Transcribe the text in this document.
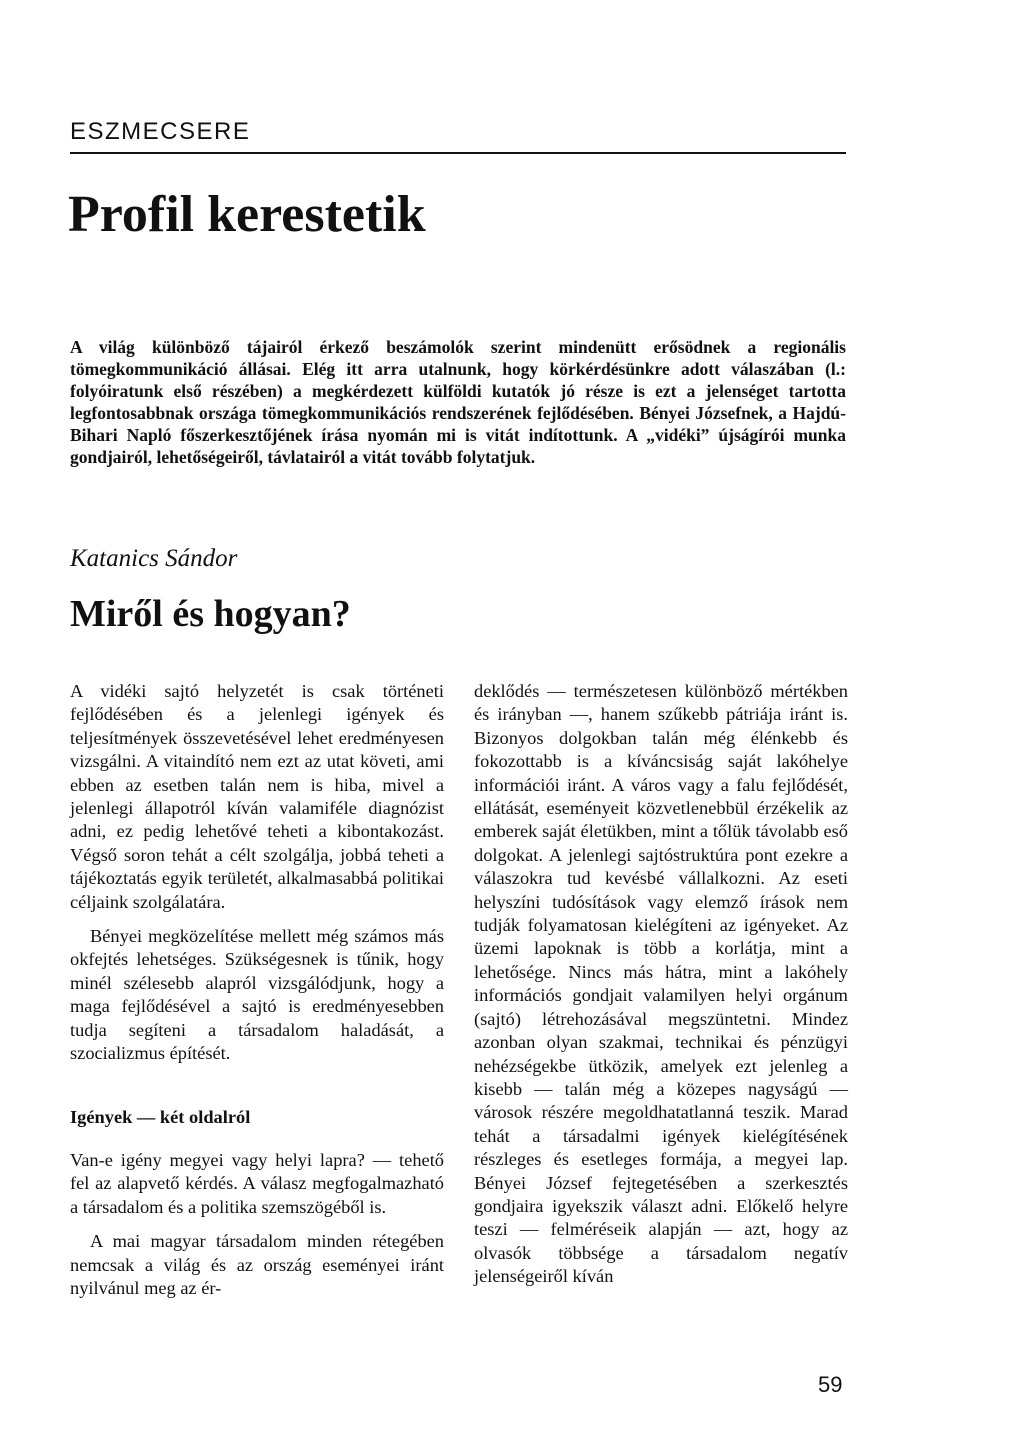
ESZMECSERE
Profil kerestetik

A világ különböző tájairól érkező beszámolók szerint mindenütt erősödnek a regionális tömegkommunikáció állásai. Elég itt arra utalnunk, hogy körkérdésünkre adott válaszában (l.: folyóiratunk első részében) a megkérdezett külföldi kutatók jó része is ezt a jelenséget tartotta legfontosabbnak országa tömegkommunikációs rendszerének fejlődésében. Bényei Józsefnek, a Hajdú-Bihari Napló főszerkesztőjének írása nyomán mi is vitát indítottunk. A „vidéki” újságírói munka gondjairól, lehetőségeiről, távlatairól a vitát tovább folytatjuk.

Katanics Sándor
Miről és hogyan?

A vidéki sajtó helyzetét is csak történeti fejlődésében és a jelenlegi igények és teljesítmények összevetésével lehet eredményesen vizsgálni. A vitaindító nem ezt az utat követi, ami ebben az esetben talán nem is hiba, mivel a jelenlegi állapotról kíván valamiféle diagnózist adni, ez pedig lehetővé teheti a kibontakozást. Végső soron tehát a célt szolgálja, jobbá teheti a tájékoztatás egyik területét, alkalmasabbá politikai céljaink szolgálatára.

Bényei megközelítése mellett még számos más okfejtés lehetséges. Szükségesnek is tűnik, hogy minél szélesebb alapról vizsgálódjunk, hogy a maga fejlődésével a sajtó is eredményesebben tudja segíteni a társadalom haladását, a szocializmus építését.

Igények — két oldalról

Van-e igény megyei vagy helyi lapra? — tehető fel az alapvető kérdés. A válasz megfogalmazható a társadalom és a politika szemszögéből is.

A mai magyar társadalom minden rétegében nemcsak a világ és az ország eseményei iránt nyilvánul meg az ér-

deklődés — természetesen különböző mértékben és irányban —, hanem szűkebb pátriája iránt is. Bizonyos dolgokban talán még élénkebb és fokozottabb is a kíváncsiság saját lakóhelye információi iránt. A város vagy a falu fejlődését, ellátását, eseményeit közvetlenebbül érzékelik az emberek saját életükben, mint a tőlük távolabb eső dolgokat. A jelenlegi sajtóstruktúra pont ezekre a válaszokra tud kevésbé vállalkozni. Az eseti helyszíni tudósítások vagy elemző írások nem tudják folyamatosan kielégíteni az igényeket. Az üzemi lapoknak is több a korlátja, mint a lehetősége. Nincs más hátra, mint a lakóhely információs gondjait valamilyen helyi orgánum (sajtó) létrehozásával megszüntetni. Mindez azonban olyan szakmai, technikai és pénzügyi nehézségekbe ütközik, amelyek ezt jelenleg a kisebb — talán még a közepes nagyságú — városok részére megoldhatatlanná teszik. Marad tehát a társadalmi igények kielégítésének részleges és esetleges formája, a megyei lap. Bényei József fejtegetésében a szerkesztés gondjaira igyekszik választ adni. Előkelő helyre teszi — felméréseik alapján — azt, hogy az olvasók többsége a társadalom negatív jelenségeiről kíván

59
